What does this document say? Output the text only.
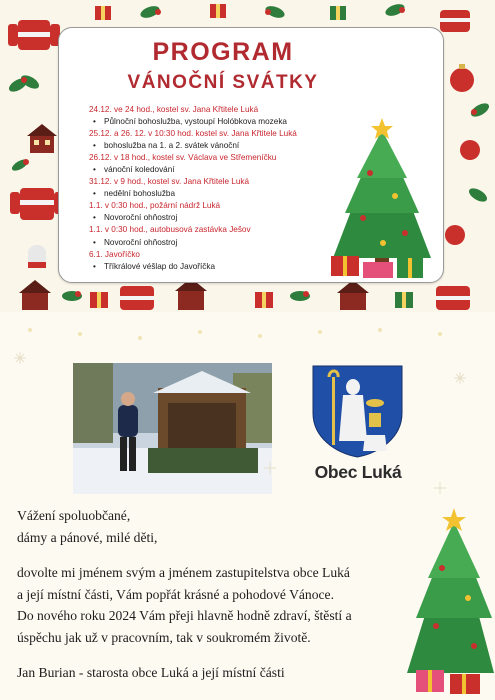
PROGRAM
VÁNOČNÍ SVÁTKY
24.12. ve 24 hod., kostel sv. Jana Křtitele Luká
• Půlnoční bohoslužba, vystoupí Holóbkova mozeka
25.12. a 26. 12. v 10:30 hod. kostel sv. Jana Křtitele Luká
• bohoslužba na 1. a 2. svátek vánoční
26.12. v 18 hod., kostel sv. Václava ve Střemeníčku
• vánoční koledování
31.12. v 9 hod., kostel sv. Jana Křtitele Luká
• nedělní bohoslužba
1.1. v 0:30 hod., požární nádrž Luká
• Novoroční ohňostroj
1.1. v 0:30 hod., autobusová zastávka Ješov
• Novoroční ohňostroj
6.1. Javoříčko
• Tříkrálové véšlap do Javoříčka
Obec Luká

Vážení spoluobčané,

dámy a pánové, milé děti,

dovolte mi jménem svým a jménem zastupitelstva obce Luká

a její místní části, Vám popřát krásné a pohodové Vánoce.

Do nového roku 2024 Vám přeji hlavně hodně zdraví, štěstí a

úspěchu jak už v pracovním, tak v soukromém životě.

Jan Burian - starosta obce Luká a její místní části
